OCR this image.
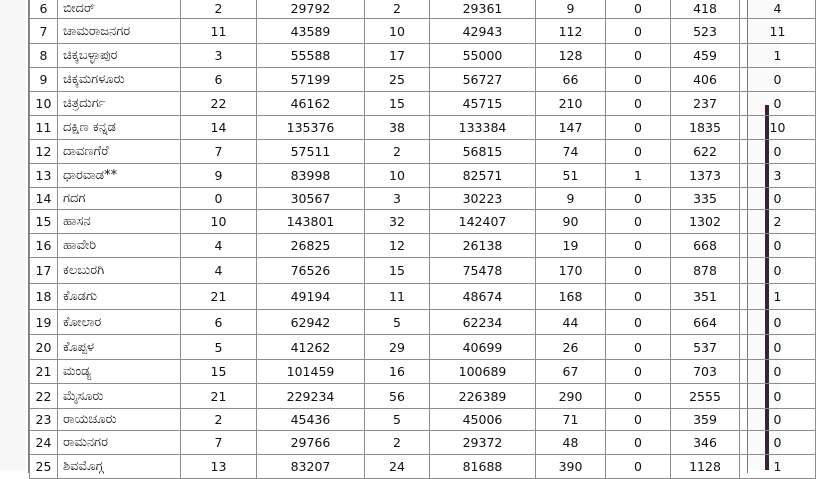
6	ಬೀದರ್	2	29792	2	29361	9	0	418	4
7	ಚಾಮರಾಜನಗರ	11	43589	10	42943	112	0	523	11
8	ಚಿಕ್ಕಬಳ್ಳಾಪುರ	3	55588	17	55000	128	0	459	1
9	ಚಿಕ್ಕಮಗಳೂರು	6	57199	25	56727	66	0	406	0
10	ಚಿತ್ರದುರ್ಗ	22	46162	15	45715	210	0	237	0
11	ದಕ್ಷಿಣ ಕನ್ನಡ	14	135376	38	133384	147	0	1835	10
12	ದಾವಣಗೆರೆ	7	57511	2	56815	74	0	622	0
13	ಧಾರವಾಡ**	9	83998	10	82571	51	1	1373	3
14	ಗದಗ	0	30567	3	30223	9	0	335	0
15	ಹಾಸನ	10	143801	32	142407	90	0	1302	2
16	ಹಾವೇರಿ	4	26825	12	26138	19	0	668	0
17	ಕಲಬುರಗಿ	4	76526	15	75478	170	0	878	0
18	ಕೊಡಗು	21	49194	11	48674	168	0	351	1
19	ಕೋಲಾರ	6	62942	5	62234	44	0	664	0
20	ಕೊಪ್ಪಳ	5	41262	29	40699	26	0	537	0
21	ಮಂಡ್ಯ	15	101459	16	100689	67	0	703	0
22	ಮೈಸೂರು	21	229234	56	226389	290	0	2555	0
23	ರಾಯಚೂರು	2	45436	5	45006	71	0	359	0
24	ರಾಮನಗರ	7	29766	2	29372	48	0	346	0
25	ಶಿವಮೊಗ್ಗ	13	83207	24	81688	390	0	1128	1
